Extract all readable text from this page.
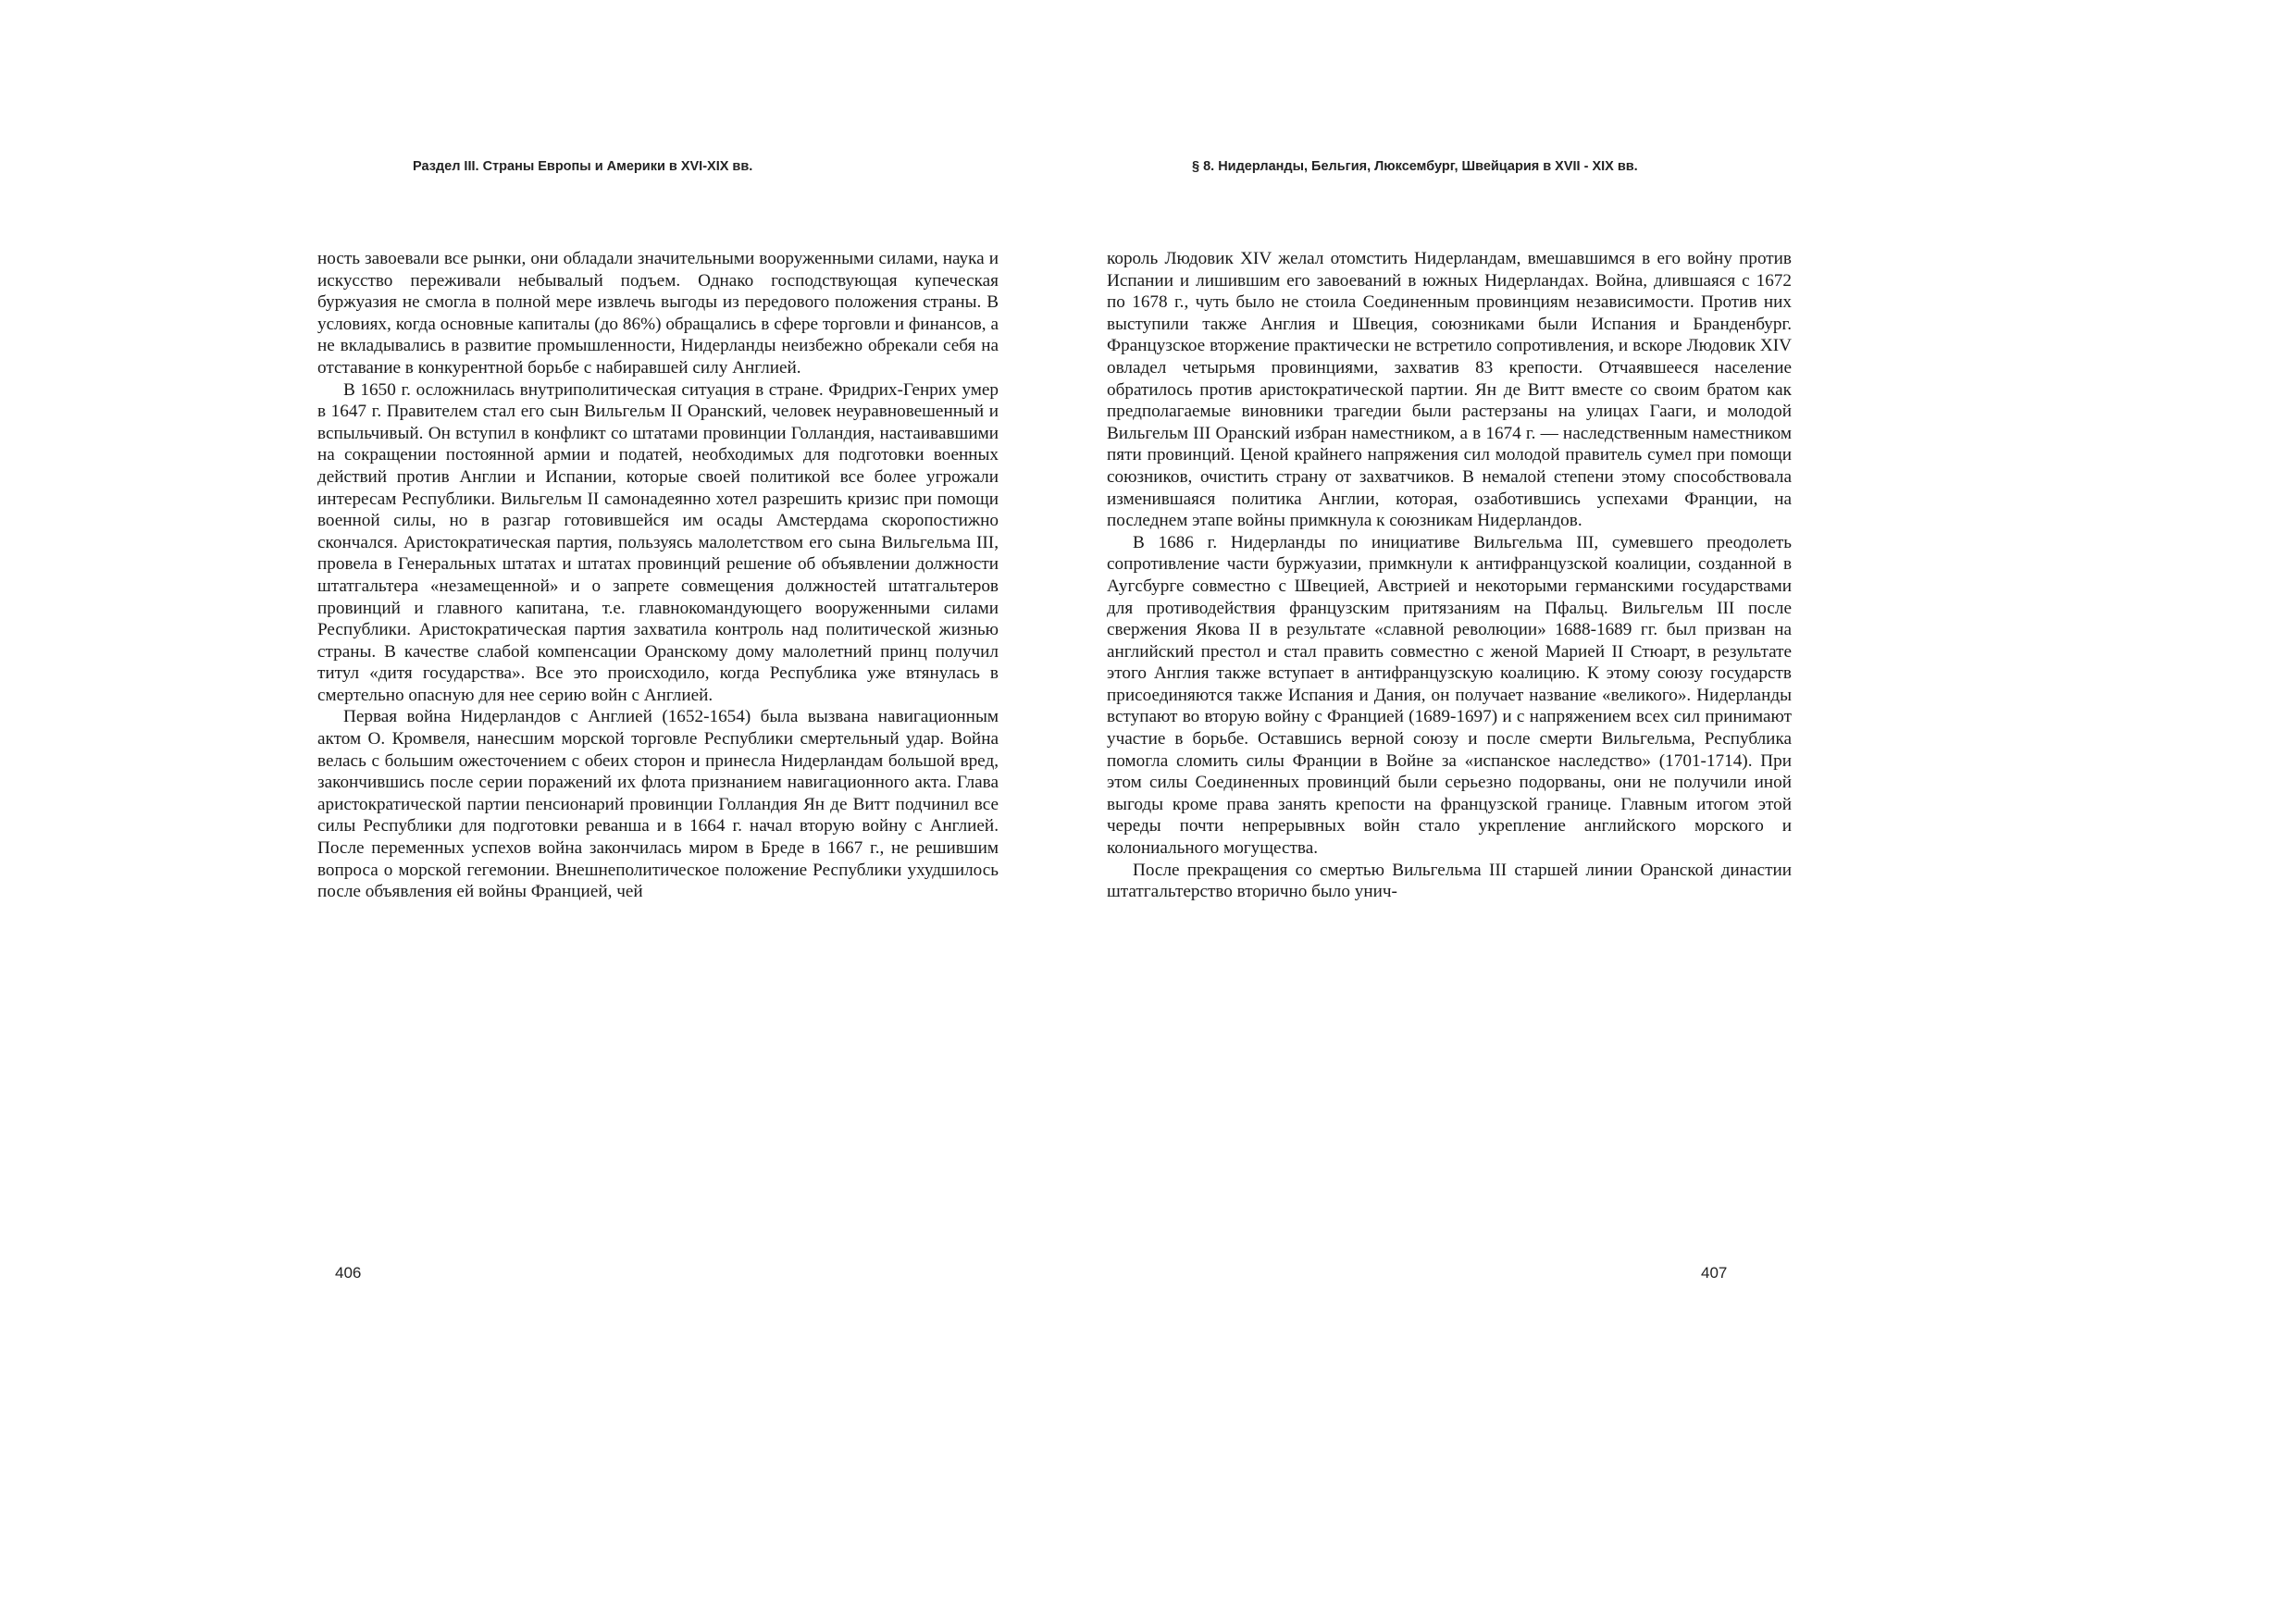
Раздел III. Страны Европы и Америки в XVI-XIX вв.	§ 8. Нидерланды, Бельгия, Люксембург, Швейцария в XVII - XIX вв.

ность завоевали все рынки, они обладали значительными вооруженными силами, наука и искусство переживали небывалый подъем. Однако господствующая купеческая буржуазия не смогла в полной мере извлечь выгоды из передового положения страны. В условиях, когда основные капиталы (до 86%) обращались в сфере торговли и финансов, а не вкладывались в развитие промышленности, Нидерланды неизбежно обрекали себя на отставание в конкурентной борьбе с набиравшей силу Англией.

В 1650 г. осложнилась внутриполитическая ситуация в стране. Фридрих-Генрих умер в 1647 г. Правителем стал его сын Вильгельм II Оранский, человек неуравновешенный и вспыльчивый. Он вступил в конфликт со штатами провинции Голландия, настаивавшими на сокращении постоянной армии и податей, необходимых для подготовки военных действий против Англии и Испании, которые своей политикой все более угрожали интересам Республики. Вильгельм II самонадеянно хотел разрешить кризис при помощи военной силы, но в разгар готовившейся им осады Амстердама скоропостижно скончался. Аристократическая партия, пользуясь малолетством его сына Вильгельма III, провела в Генеральных штатах и штатах провинций решение об объявлении должности штатгальтера «незамещенной» и о запрете совмещения должностей штатгальтеров провинций и главного капитана, т.е. главнокомандующего вооруженными силами Республики. Аристократическая партия захватила контроль над политической жизнью страны. В качестве слабой компенсации Оранскому дому малолетний принц получил титул «дитя государства». Все это происходило, когда Республика уже втянулась в смертельно опасную для нее серию войн с Англией.

Первая война Нидерландов с Англией (1652-1654) была вызвана навигационным актом О. Кромвеля, нанесшим морской торговле Республики смертельный удар. Война велась с большим ожесточением с обеих сторон и принесла Нидерландам большой вред, закончившись после серии поражений их флота признанием навигационного акта. Глава аристократической партии пенсионарий провинции Голландия Ян де Витт подчинил все силы Республики для подготовки реванша и в 1664 г. начал вторую войну с Англией. После переменных успехов война закончилась миром в Бреде в 1667 г., не решившим вопроса о морской гегемонии. Внешнеполитическое положение Республики ухудшилось после объявления ей войны Францией, чей

король Людовик XIV желал отомстить Нидерландам, вмешавшимся в его войну против Испании и лишившим его завоеваний в южных Нидерландах. Война, длившаяся с 1672 по 1678 г., чуть было не стоила Соединенным провинциям независимости. Против них выступили также Англия и Швеция, союзниками были Испания и Бранденбург. Французское вторжение практически не встретило сопротивления, и вскоре Людовик XIV овладел четырьмя провинциями, захватив 83 крепости. Отчаявшееся население обратилось против аристократической партии. Ян де Витт вместе со своим братом как предполагаемые виновники трагедии были растерзаны на улицах Гааги, и молодой Вильгельм III Оранский избран наместником, а в 1674 г. — наследственным наместником пяти провинций. Ценой крайнего напряжения сил молодой правитель сумел при помощи союзников, очистить страну от захватчиков. В немалой степени этому способствовала изменившаяся политика Англии, которая, озаботившись успехами Франции, на последнем этапе войны примкнула к союзникам Нидерландов.

В 1686 г. Нидерланды по инициативе Вильгельма III, сумевшего преодолеть сопротивление части буржуазии, примкнули к антифранцузской коалиции, созданной в Аугсбурге совместно с Швецией, Австрией и некоторыми германскими государствами для противодействия французским притязаниям на Пфальц. Вильгельм III после свержения Якова II в результате «славной революции» 1688-1689 гг. был призван на английский престол и стал править совместно с женой Марией II Стюарт, в результате этого Англия также вступает в антифранцузскую коалицию. К этому союзу государств присоединяются также Испания и Дания, он получает название «великого». Нидерланды вступают во вторую войну с Францией (1689-1697) и с напряжением всех сил принимают участие в борьбе. Оставшись верной союзу и после смерти Вильгельма, Республика помогла сломить силы Франции в Войне за «испанское наследство» (1701-1714). При этом силы Соединенных провинций были серьезно подорваны, они не получили иной выгоды кроме права занять крепости на французской границе. Главным итогом этой череды почти непрерывных войн стало укрепление английского морского и колониального могущества.

После прекращения со смертью Вильгельма III старшей линии Оранской династии штатгальтерство вторично было унич-

406	407
